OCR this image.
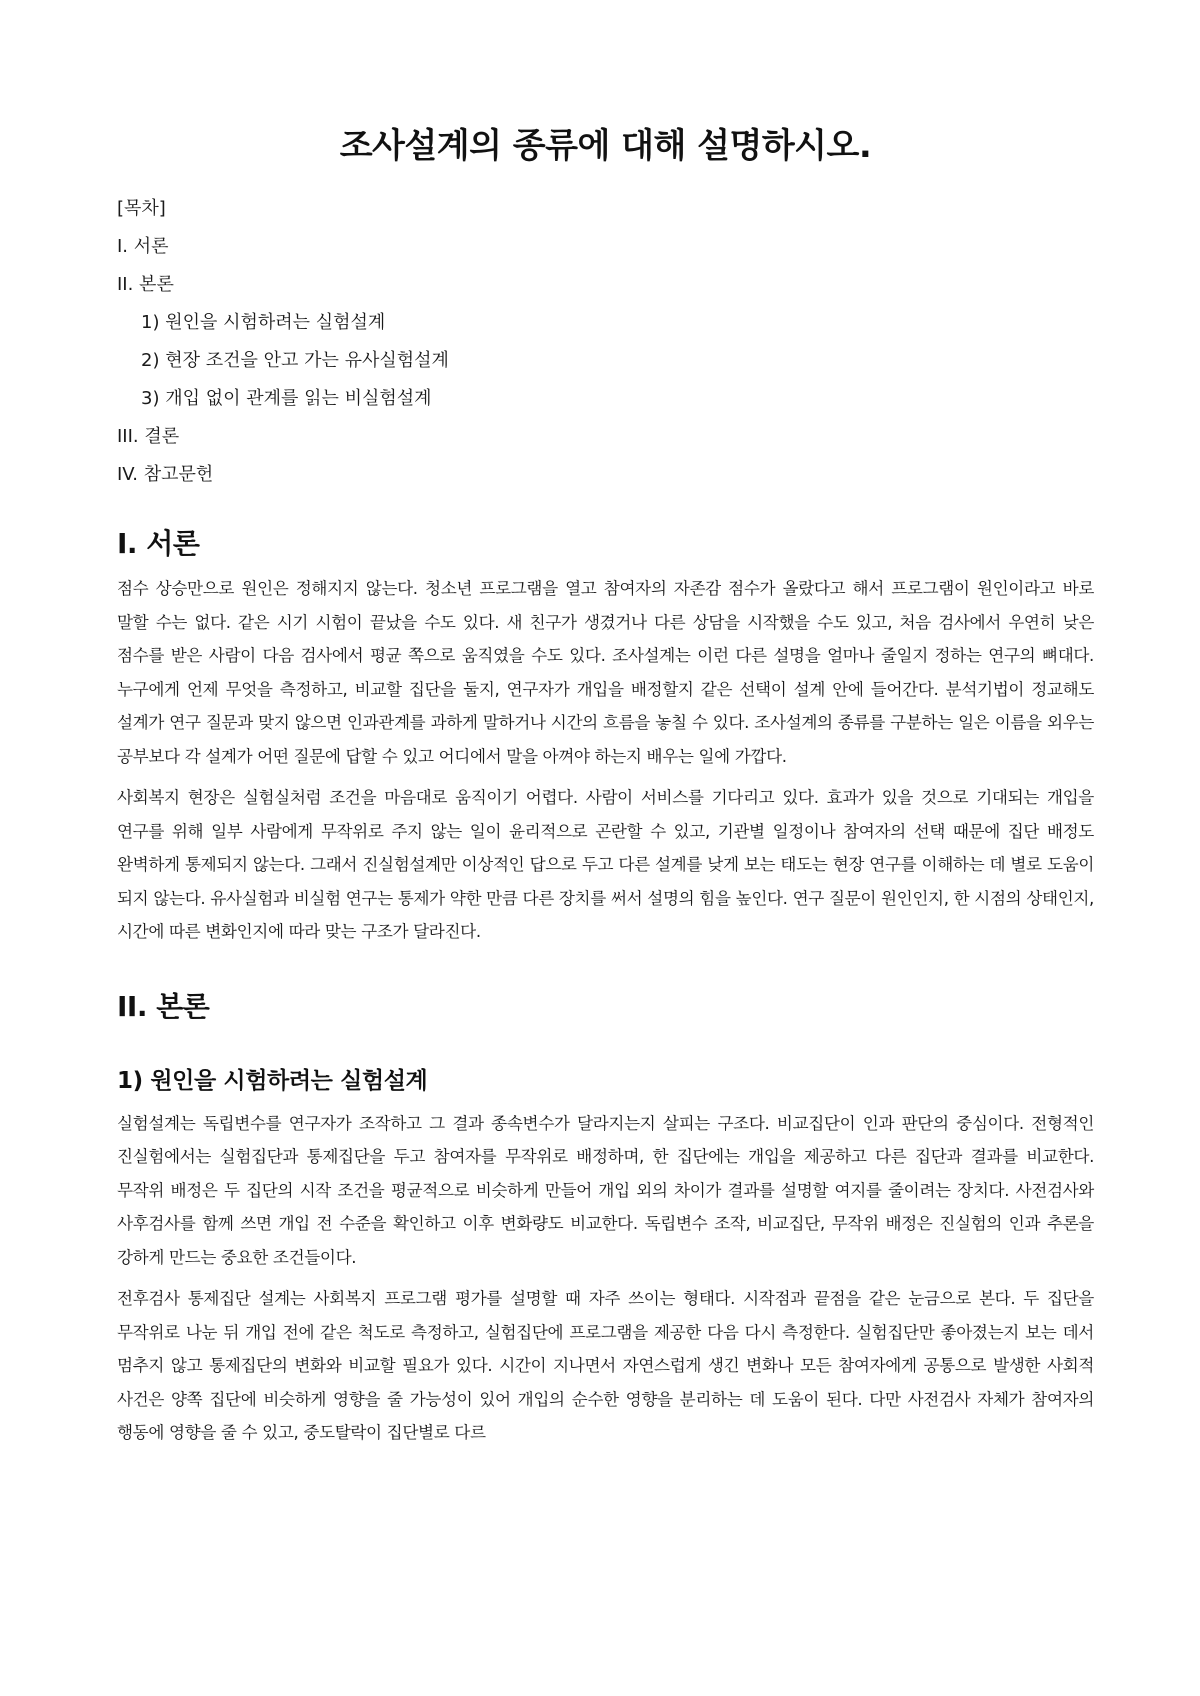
조사설계의 종류에 대해 설명하시오.
[목차]
I. 서론
II. 본론
1) 원인을 시험하려는 실험설계
2) 현장 조건을 안고 가는 유사실험설계
3) 개입 없이 관계를 읽는 비실험설계
III. 결론
IV. 참고문헌
I. 서론

점수 상승만으로 원인은 정해지지 않는다. 청소년 프로그램을 열고 참여자의 자존감 점수가 올랐다고 해서 프로그램이 원인이라고 바로 말할 수는 없다. 같은 시기 시험이 끝났을 수도 있다. 새 친구가 생겼거나 다른 상담을 시작했을 수도 있고, 처음 검사에서 우연히 낮은 점수를 받은 사람이 다음 검사에서 평균 쪽으로 움직였을 수도 있다. 조사설계는 이런 다른 설명을 얼마나 줄일지 정하는 연구의 뼈대다. 누구에게 언제 무엇을 측정하고, 비교할 집단을 둘지, 연구자가 개입을 배정할지 같은 선택이 설계 안에 들어간다. 분석기법이 정교해도 설계가 연구 질문과 맞지 않으면 인과관계를 과하게 말하거나 시간의 흐름을 놓칠 수 있다. 조사설계의 종류를 구분하는 일은 이름을 외우는 공부보다 각 설계가 어떤 질문에 답할 수 있고 어디에서 말을 아껴야 하는지 배우는 일에 가깝다.

사회복지 현장은 실험실처럼 조건을 마음대로 움직이기 어렵다. 사람이 서비스를 기다리고 있다. 효과가 있을 것으로 기대되는 개입을 연구를 위해 일부 사람에게 무작위로 주지 않는 일이 윤리적으로 곤란할 수 있고, 기관별 일정이나 참여자의 선택 때문에 집단 배정도 완벽하게 통제되지 않는다. 그래서 진실험설계만 이상적인 답으로 두고 다른 설계를 낮게 보는 태도는 현장 연구를 이해하는 데 별로 도움이 되지 않는다. 유사실험과 비실험 연구는 통제가 약한 만큼 다른 장치를 써서 설명의 힘을 높인다. 연구 질문이 원인인지, 한 시점의 상태인지, 시간에 따른 변화인지에 따라 맞는 구조가 달라진다.

II. 본론
1) 원인을 시험하려는 실험설계

실험설계는 독립변수를 연구자가 조작하고 그 결과 종속변수가 달라지는지 살피는 구조다. 비교집단이 인과 판단의 중심이다. 전형적인 진실험에서는 실험집단과 통제집단을 두고 참여자를 무작위로 배정하며, 한 집단에는 개입을 제공하고 다른 집단과 결과를 비교한다. 무작위 배정은 두 집단의 시작 조건을 평균적으로 비슷하게 만들어 개입 외의 차이가 결과를 설명할 여지를 줄이려는 장치다. 사전검사와 사후검사를 함께 쓰면 개입 전 수준을 확인하고 이후 변화량도 비교한다. 독립변수 조작, 비교집단, 무작위 배정은 진실험의 인과 추론을 강하게 만드는 중요한 조건들이다.

전후검사 통제집단 설계는 사회복지 프로그램 평가를 설명할 때 자주 쓰이는 형태다. 시작점과 끝점을 같은 눈금으로 본다. 두 집단을 무작위로 나눈 뒤 개입 전에 같은 척도로 측정하고, 실험집단에 프로그램을 제공한 다음 다시 측정한다. 실험집단만 좋아졌는지 보는 데서 멈추지 않고 통제집단의 변화와 비교할 필요가 있다. 시간이 지나면서 자연스럽게 생긴 변화나 모든 참여자에게 공통으로 발생한 사회적 사건은 양쪽 집단에 비슷하게 영향을 줄 가능성이 있어 개입의 순수한 영향을 분리하는 데 도움이 된다. 다만 사전검사 자체가 참여자의 행동에 영향을 줄 수 있고, 중도탈락이 집단별로 다르
